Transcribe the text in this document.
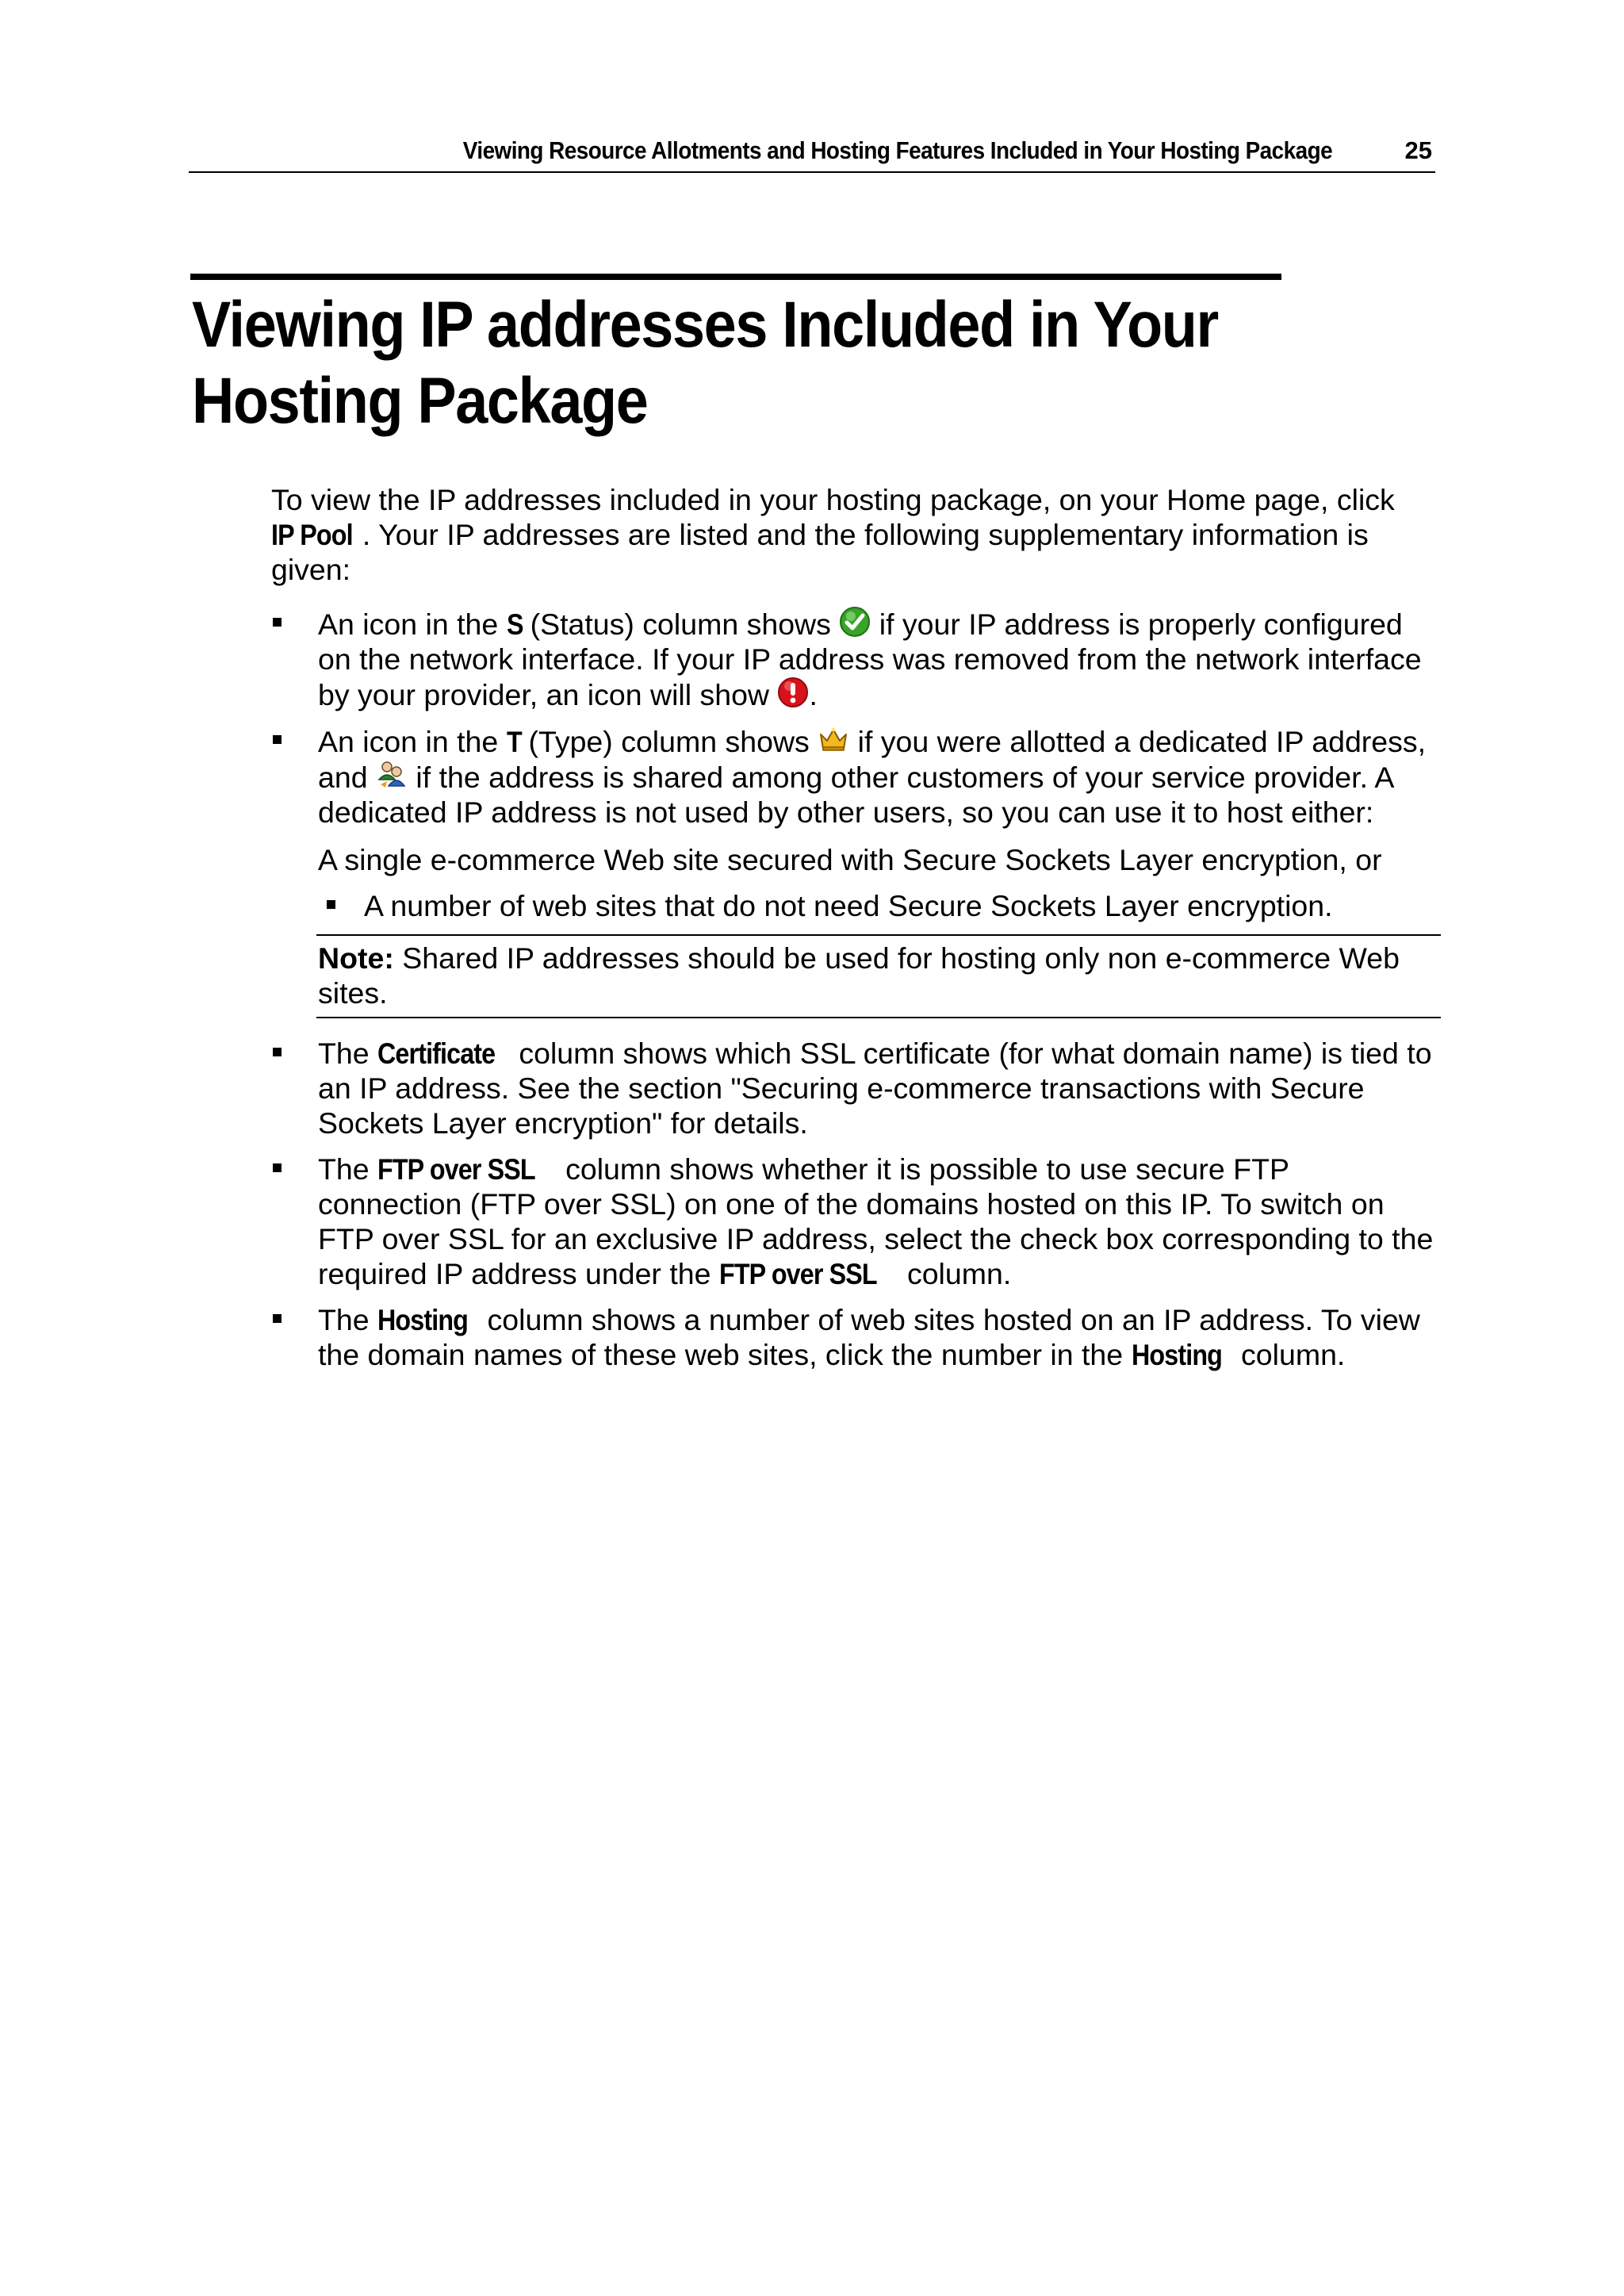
Viewing Resource Allotments and Hosting Features Included in Your Hosting Package	25
Viewing IP addresses Included in Your Hosting Package

To view the IP addresses included in your hosting package, on your Home page, click IP Pool . Your IP addresses are listed and the following supplementary information is given:

An icon in the S (Status) column shows  if your IP address is properly configured on the network interface. If your IP address was removed from the network interface by your provider, an icon will show .
An icon in the T (Type) column shows  if you were allotted a dedicated IP address, and  if the address is shared among other customers of your service provider. A dedicated IP address is not used by other users, so you can use it to host either:

A single e-commerce Web site secured with Secure Sockets Layer encryption, or

A number of web sites that do not need Secure Sockets Layer encryption.
Note: Shared IP addresses should be used for hosting only non e-commerce Web sites.
The Certificate column shows which SSL certificate (for what domain name) is tied to an IP address. See the section "Securing e-commerce transactions with Secure Sockets Layer encryption" for details.
The FTP over SSL column shows whether it is possible to use secure FTP connection (FTP over SSL) on one of the domains hosted on this IP. To switch on FTP over SSL for an exclusive IP address, select the check box corresponding to the required IP address under the FTP over SSL column.
The Hosting column shows a number of web sites hosted on an IP address. To view the domain names of these web sites, click the number in the Hosting column.
